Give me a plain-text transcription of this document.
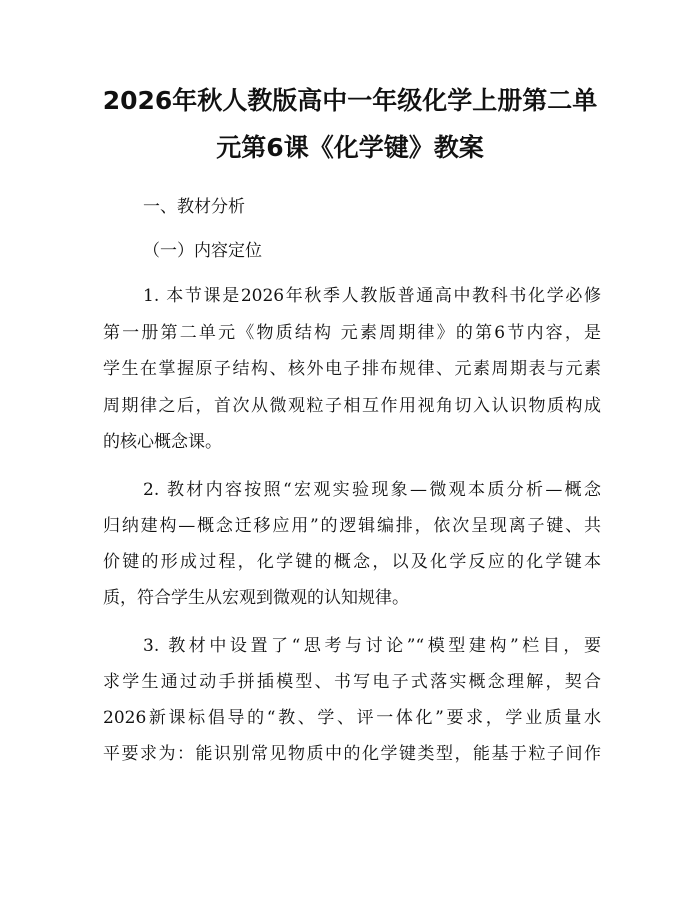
2026年秋人教版高中一年级化学上册第二单
元第6课《化学键》教案

一、教材分析

（一）内容定位

1. 本节课是2026年秋季人教版普通高中教科书化学必修
第一册第二单元《物质结构 元素周期律》的第6节内容，是
学生在掌握原子结构、核外电子排布规律、元素周期表与元素
周期律之后，首次从微观粒子相互作用视角切入认识物质构成
的核心概念课。
2. 教材内容按照“宏观实验现象—微观本质分析—概念
归纳建构—概念迁移应用”的逻辑编排，依次呈现离子键、共
价键的形成过程，化学键的概念，以及化学反应的化学键本
质，符合学生从宏观到微观的认知规律。
3. 教材中设置了“思考与讨论”“模型建构”栏目，要
求学生通过动手拼插模型、书写电子式落实概念理解，契合
2026新课标倡导的“教、学、评一体化”要求，学业质量水
平要求为：能识别常见物质中的化学键类型，能基于粒子间作
